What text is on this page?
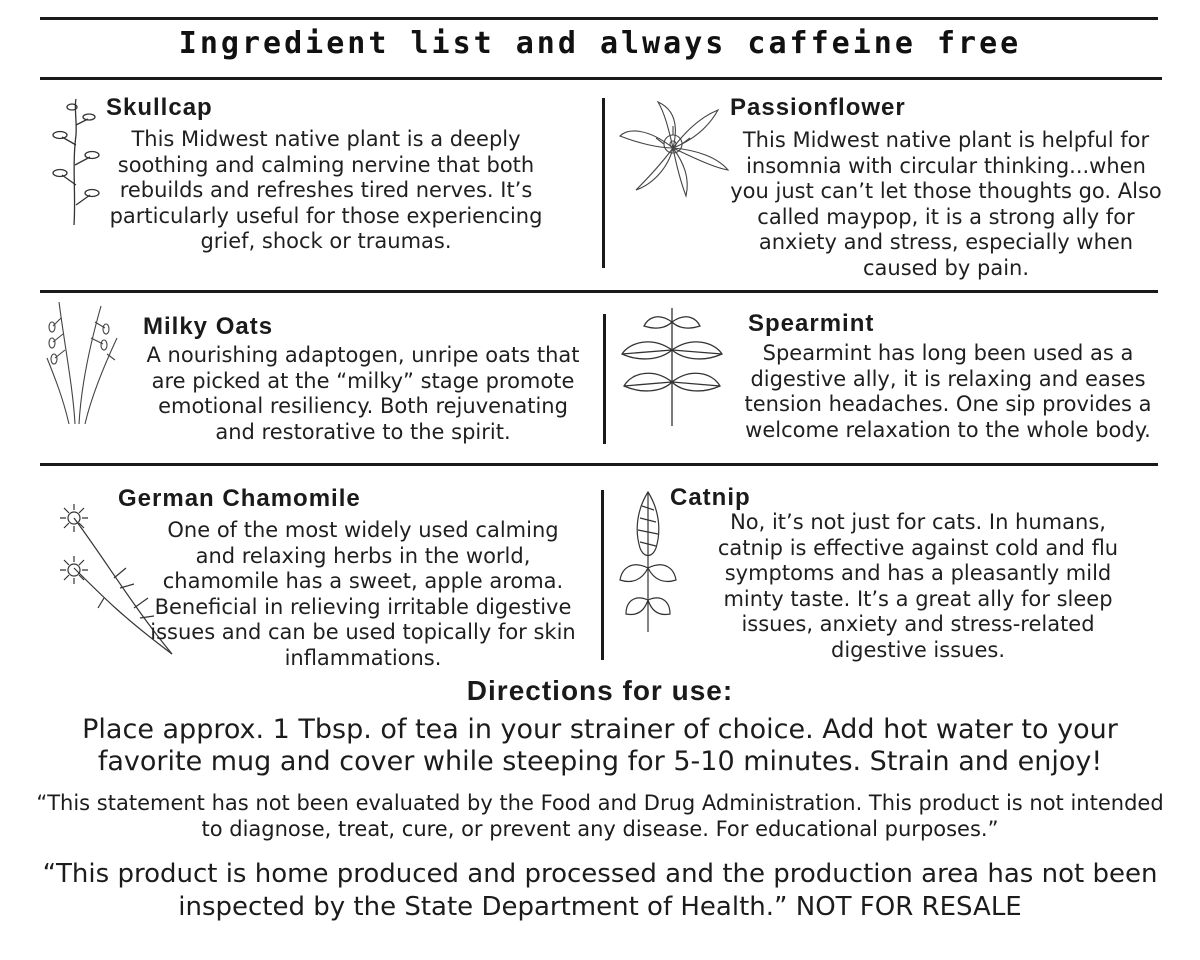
Ingredient list and always caffeine free
Skullcap
This Midwest native plant is a deeply soothing and calming nervine that both rebuilds and refreshes tired nerves. It’s particularly useful for those experiencing grief, shock or traumas.
Passionflower
This Midwest native plant is helpful for insomnia with circular thinking...when you just can’t let those thoughts go. Also called maypop, it is a strong ally for anxiety and stress, especially when caused by pain.
Milky Oats
A nourishing adaptogen, unripe oats that are picked at the “milky” stage promote emotional resiliency. Both rejuvenating and restorative to the spirit.
Spearmint
Spearmint has long been used as a digestive ally, it is relaxing and eases tension headaches. One sip provides a welcome relaxation to the whole body.
German Chamomile
One of the most widely used calming and relaxing herbs in the world, chamomile has a sweet, apple aroma. Beneficial in relieving irritable digestive issues and can be used topically for skin inflammations.
Catnip
No, it’s not just for cats. In humans, catnip is effective against cold and flu symptoms and has a pleasantly mild minty taste. It’s a great ally for sleep issues, anxiety and stress-related digestive issues.
Directions for use:
Place approx. 1 Tbsp. of tea in your strainer of choice. Add hot water to your favorite mug and cover while steeping for 5-10 minutes. Strain and enjoy!
“This statement has not been evaluated by the Food and Drug Administration. This product is not intended to diagnose, treat, cure, or prevent any disease. For educational purposes.”
“This product is home produced and processed and the production area has not been inspected by the State Department of Health.” NOT FOR RESALE
